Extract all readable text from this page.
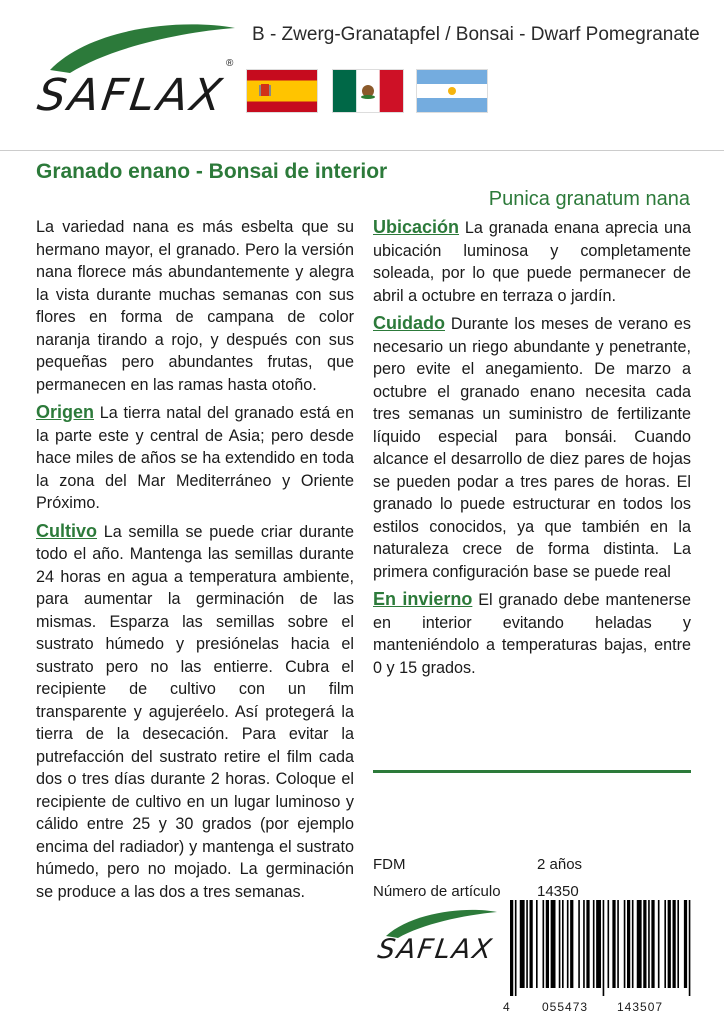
®
SAFLAX
B - Zwerg-Granatapfel / Bonsai - Dwarf Pomegranate
Granado enano - Bonsai de interior
Punica granatum nana

La variedad nana es más esbelta que su hermano mayor, el granado. Pero la versión nana florece más abundantemente y alegra la vista durante muchas semanas con sus flores en forma de campana de color naranja tirando a rojo, y después con sus pequeñas pero abundantes frutas, que permanecen en las ramas hasta otoño.

Origen La tierra natal del granado está en la parte este y central de Asia; pero desde hace miles de años se ha extendido en toda la zona del Mar Mediterráneo y Oriente Próximo.

Cultivo La semilla se puede criar durante todo el año. Mantenga las semillas durante 24 horas en agua a temperatura ambiente, para aumentar la germinación de las mismas. Esparza las semillas sobre el sustrato húmedo y presiónelas hacia el sustrato pero no las entierre. Cubra el recipiente de cultivo con un film transparente y agujeréelo. Así protegerá la tierra de la desecación. Para evitar la putrefacción del sustrato retire el film cada dos o tres días durante 2 horas. Coloque el recipiente de cultivo en un lugar luminoso y cálido entre 25 y 30 grados (por ejemplo encima del radiador) y mantenga el sustrato húmedo, pero no mojado. La germinación se produce a las dos a tres semanas.

Ubicación La granada enana aprecia una ubicación luminosa y completamente soleada, por lo que puede permanecer de abril a octubre en terraza o jardín.

Cuidado Durante los meses de verano es necesario un riego abundante y penetrante, pero evite el anegamiento. De marzo a octubre el granado enano necesita cada tres semanas un suministro de fertilizante líquido especial para bonsái. Cuando alcance el desarrollo de diez pares de hojas se pueden podar a tres pares de horas. El granado lo puede estructurar en todos los estilos conocidos, ya que también en la naturaleza crece de forma distinta. La primera configuración base se puede real

En invierno El granado debe mantenerse en interior evitando heladas y manteniéndolo a temperaturas bajas, entre 0 y 15 grados.

FDM	2 años
Número de artículo 14350
SAFLAX
4	055473 143507
